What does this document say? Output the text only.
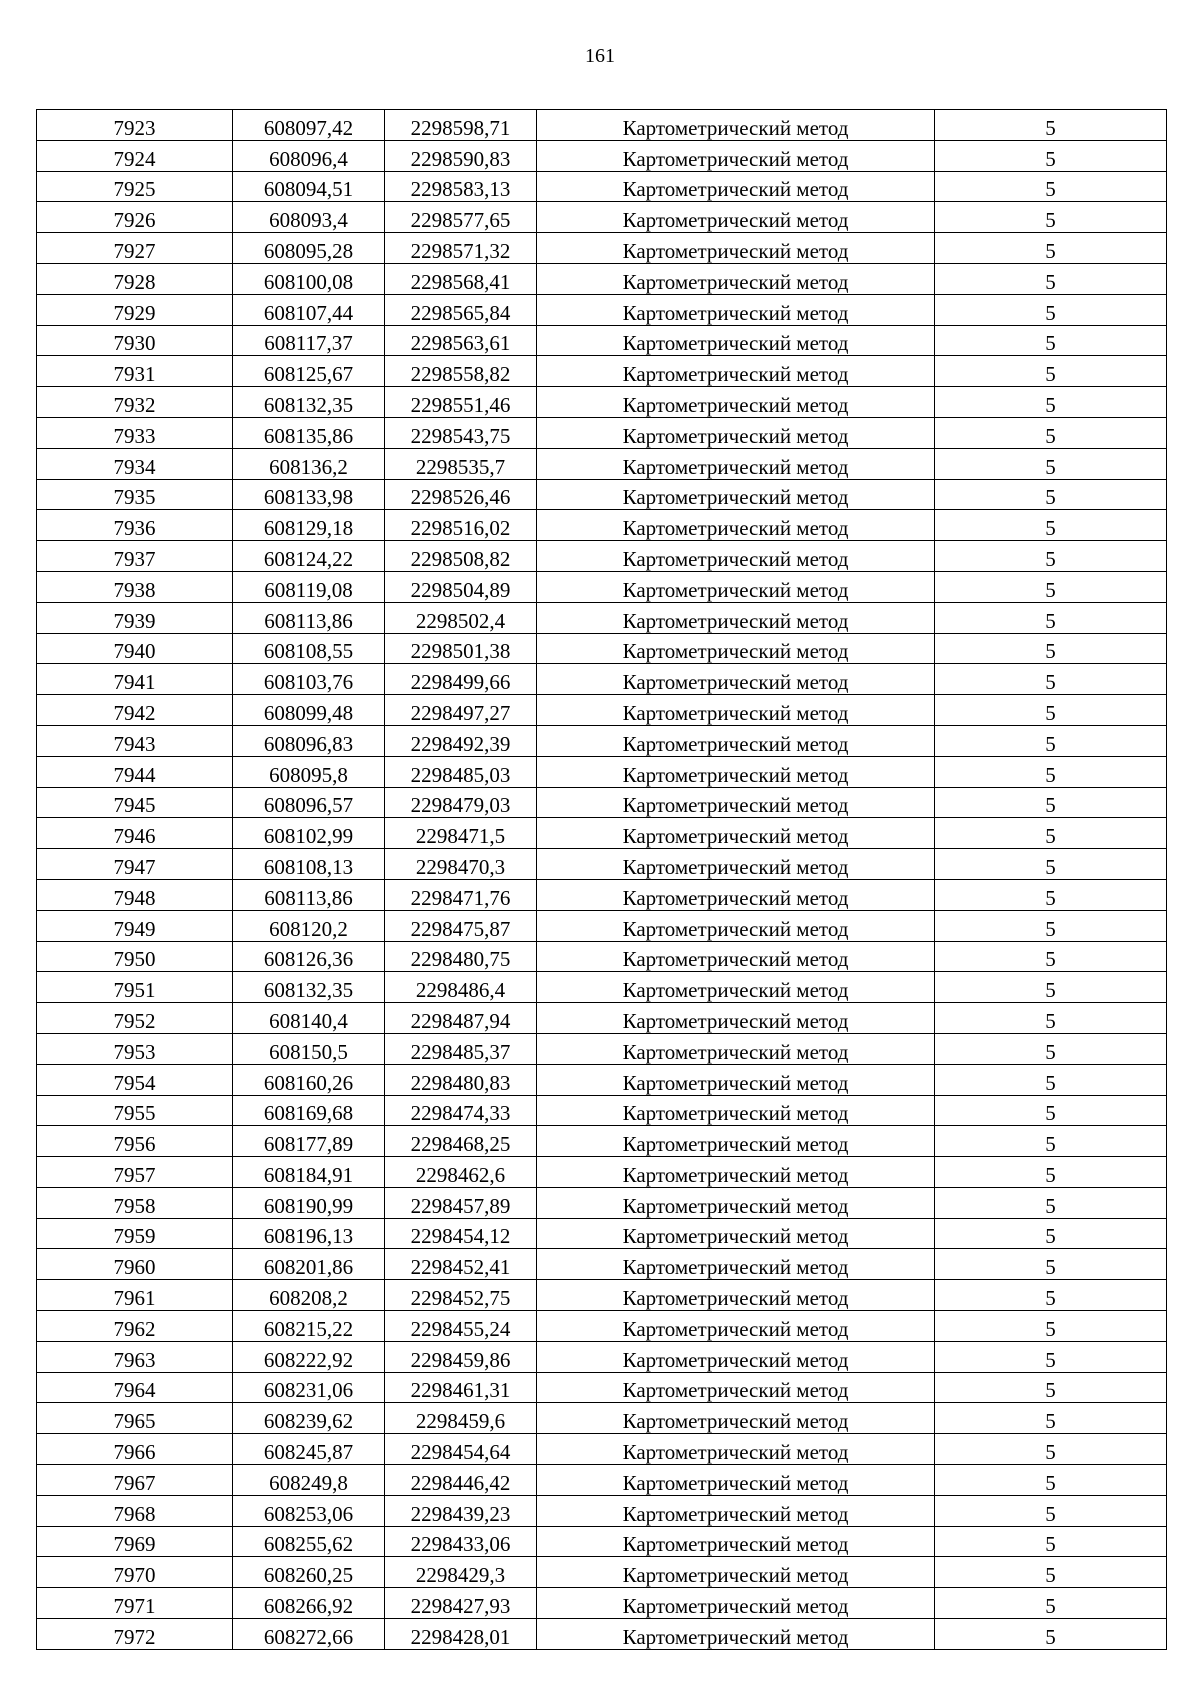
161
7923	608097,42	2298598,71	Картометрический метод	5
7924	608096,4	2298590,83	Картометрический метод	5
7925	608094,51	2298583,13	Картометрический метод	5
7926	608093,4	2298577,65	Картометрический метод	5
7927	608095,28	2298571,32	Картометрический метод	5
7928	608100,08	2298568,41	Картометрический метод	5
7929	608107,44	2298565,84	Картометрический метод	5
7930	608117,37	2298563,61	Картометрический метод	5
7931	608125,67	2298558,82	Картометрический метод	5
7932	608132,35	2298551,46	Картометрический метод	5
7933	608135,86	2298543,75	Картометрический метод	5
7934	608136,2	2298535,7	Картометрический метод	5
7935	608133,98	2298526,46	Картометрический метод	5
7936	608129,18	2298516,02	Картометрический метод	5
7937	608124,22	2298508,82	Картометрический метод	5
7938	608119,08	2298504,89	Картометрический метод	5
7939	608113,86	2298502,4	Картометрический метод	5
7940	608108,55	2298501,38	Картометрический метод	5
7941	608103,76	2298499,66	Картометрический метод	5
7942	608099,48	2298497,27	Картометрический метод	5
7943	608096,83	2298492,39	Картометрический метод	5
7944	608095,8	2298485,03	Картометрический метод	5
7945	608096,57	2298479,03	Картометрический метод	5
7946	608102,99	2298471,5	Картометрический метод	5
7947	608108,13	2298470,3	Картометрический метод	5
7948	608113,86	2298471,76	Картометрический метод	5
7949	608120,2	2298475,87	Картометрический метод	5
7950	608126,36	2298480,75	Картометрический метод	5
7951	608132,35	2298486,4	Картометрический метод	5
7952	608140,4	2298487,94	Картометрический метод	5
7953	608150,5	2298485,37	Картометрический метод	5
7954	608160,26	2298480,83	Картометрический метод	5
7955	608169,68	2298474,33	Картометрический метод	5
7956	608177,89	2298468,25	Картометрический метод	5
7957	608184,91	2298462,6	Картометрический метод	5
7958	608190,99	2298457,89	Картометрический метод	5
7959	608196,13	2298454,12	Картометрический метод	5
7960	608201,86	2298452,41	Картометрический метод	5
7961	608208,2	2298452,75	Картометрический метод	5
7962	608215,22	2298455,24	Картометрический метод	5
7963	608222,92	2298459,86	Картометрический метод	5
7964	608231,06	2298461,31	Картометрический метод	5
7965	608239,62	2298459,6	Картометрический метод	5
7966	608245,87	2298454,64	Картометрический метод	5
7967	608249,8	2298446,42	Картометрический метод	5
7968	608253,06	2298439,23	Картометрический метод	5
7969	608255,62	2298433,06	Картометрический метод	5
7970	608260,25	2298429,3	Картометрический метод	5
7971	608266,92	2298427,93	Картометрический метод	5
7972	608272,66	2298428,01	Картометрический метод	5
